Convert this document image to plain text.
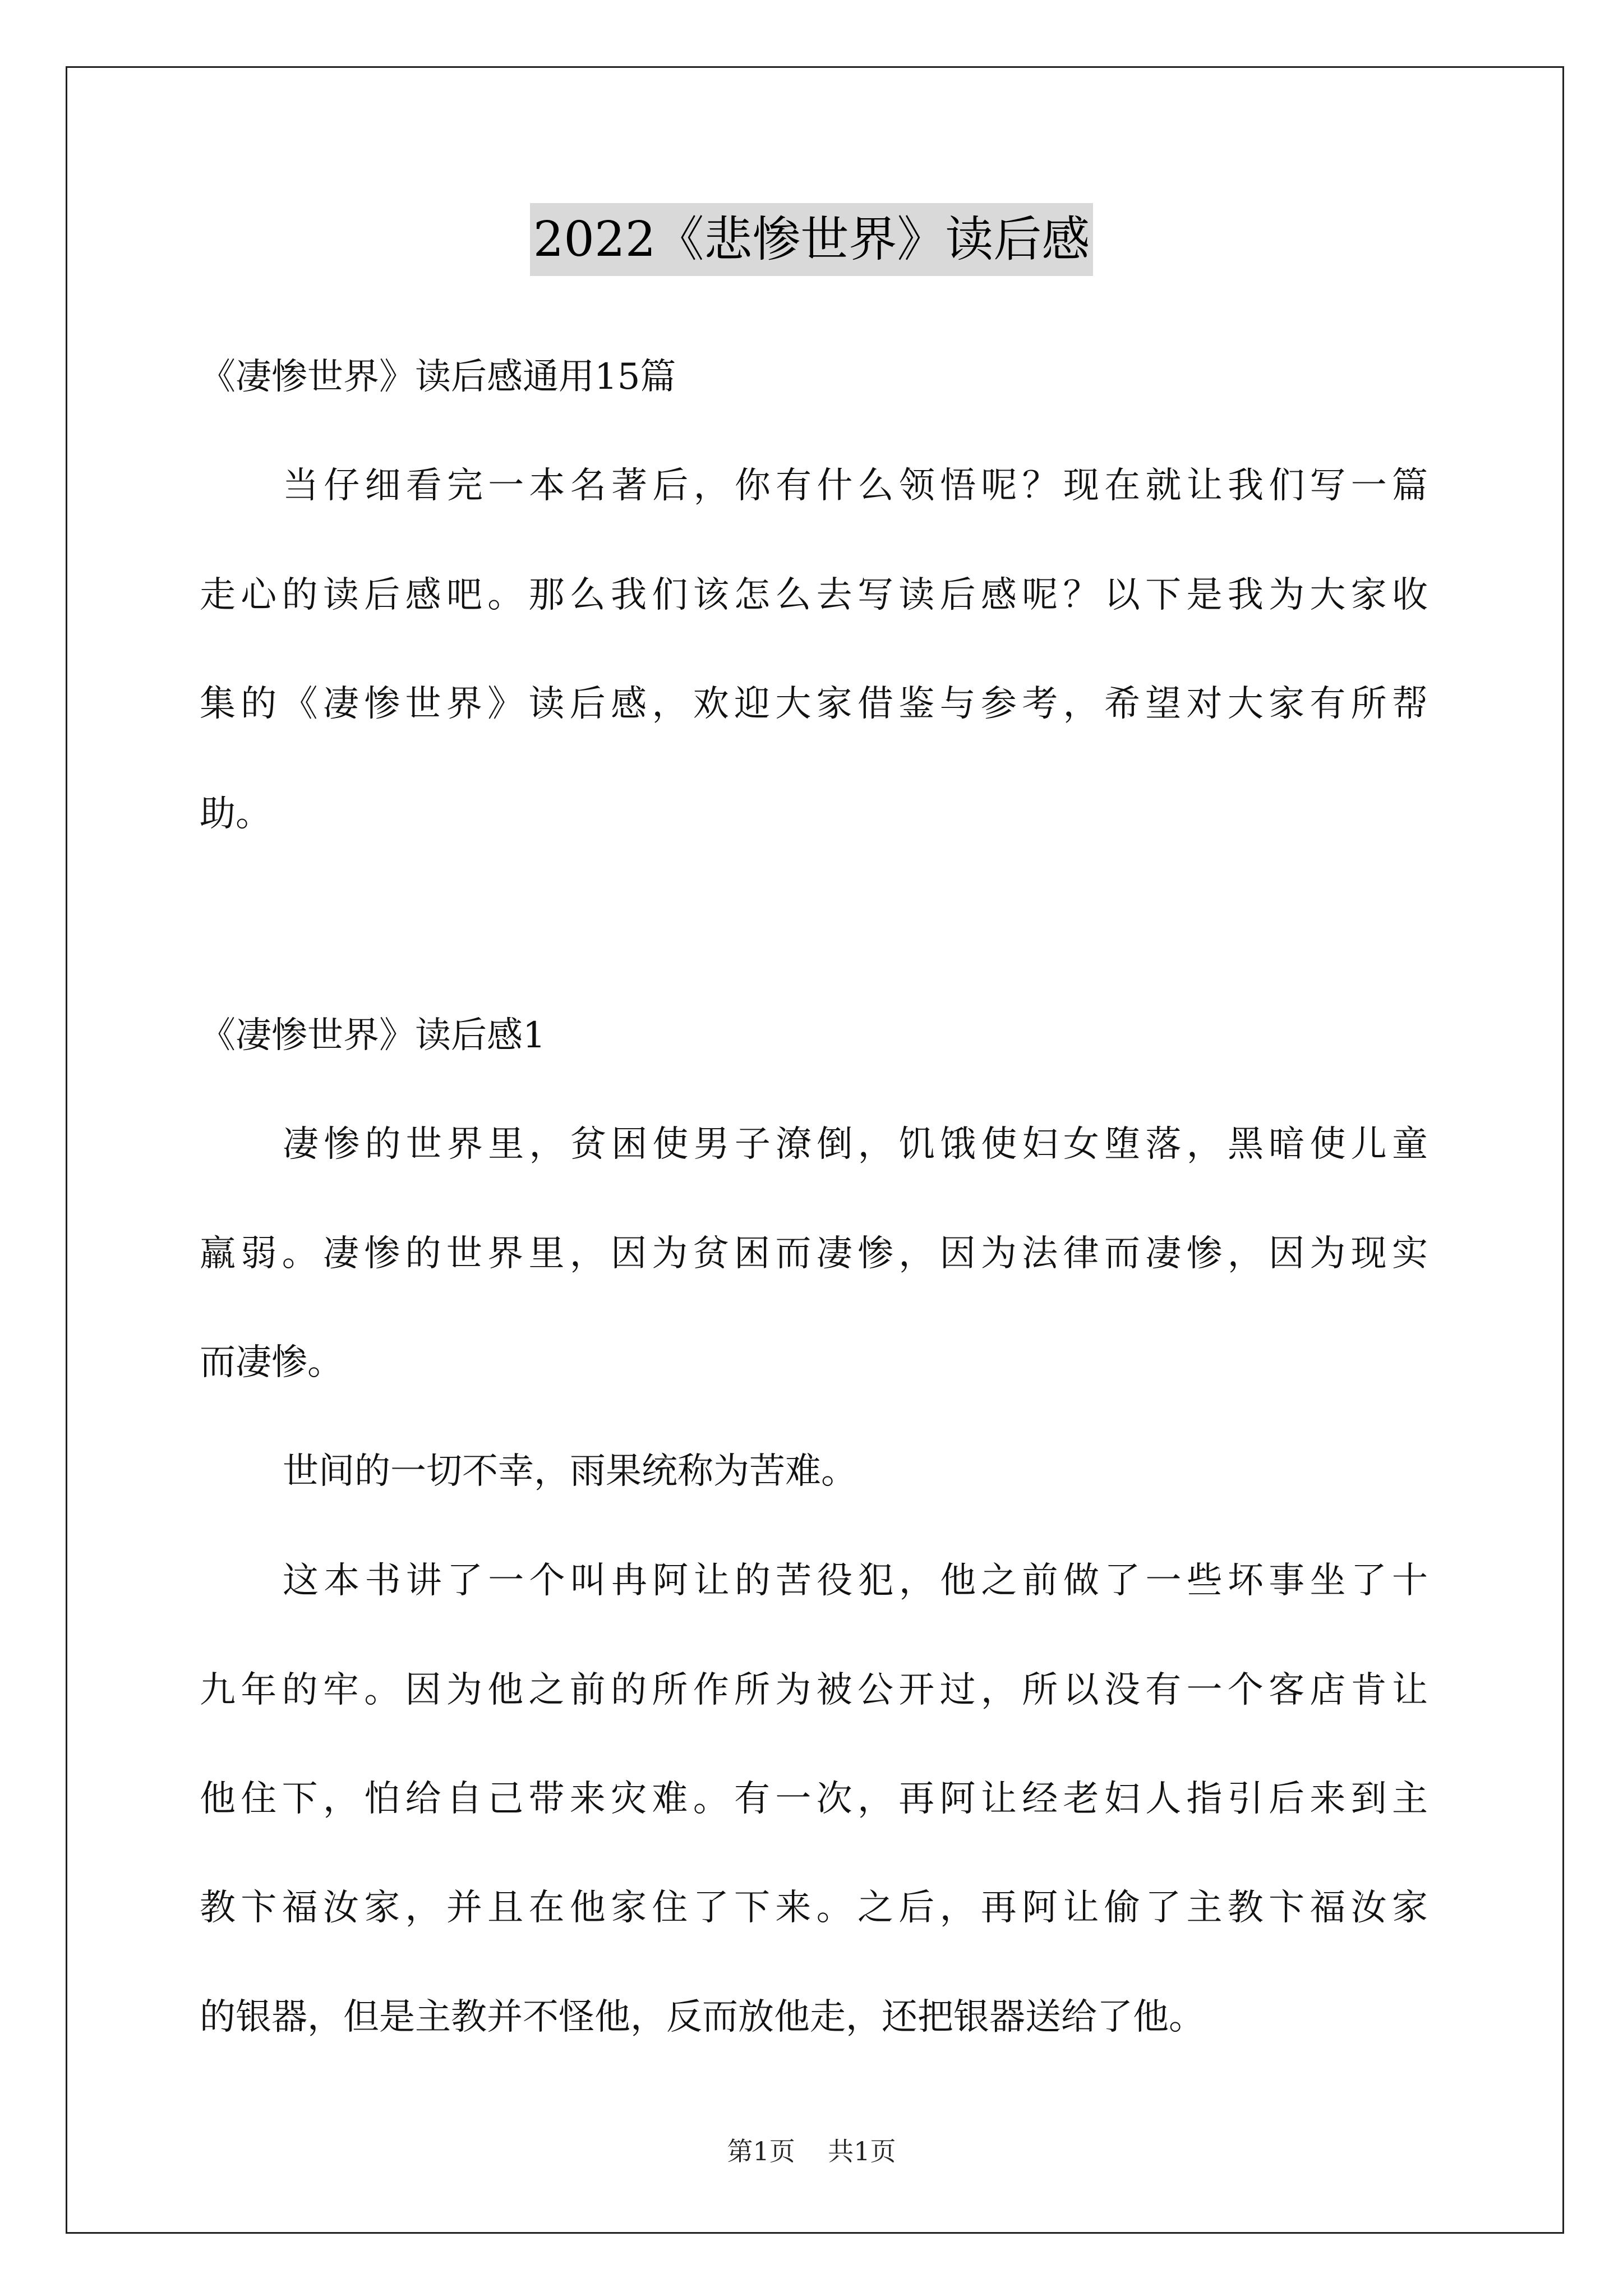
2022《悲惨世界》读后感
《凄惨世界》读后感通用15篇
当仔细看完一本名著后，你有什么领悟呢？现在就让我们写一篇
走心的读后感吧。那么我们该怎么去写读后感呢？以下是我为大家收
集的《凄惨世界》读后感，欢迎大家借鉴与参考，希望对大家有所帮
助。
《凄惨世界》读后感1
凄惨的世界里，贫困使男子潦倒，饥饿使妇女堕落，黑暗使儿童
羸弱。凄惨的世界里，因为贫困而凄惨，因为法律而凄惨，因为现实
而凄惨。
世间的一切不幸，雨果统称为苦难。
这本书讲了一个叫冉阿让的苦役犯，他之前做了一些坏事坐了十
九年的牢。因为他之前的所作所为被公开过，所以没有一个客店肯让
他住下，怕给自己带来灾难。有一次，再阿让经老妇人指引后来到主
教卞福汝家，并且在他家住了下来。之后，再阿让偷了主教卞福汝家
的银器，但是主教并不怪他，反而放他走，还把银器送给了他。
第1页 共1页
